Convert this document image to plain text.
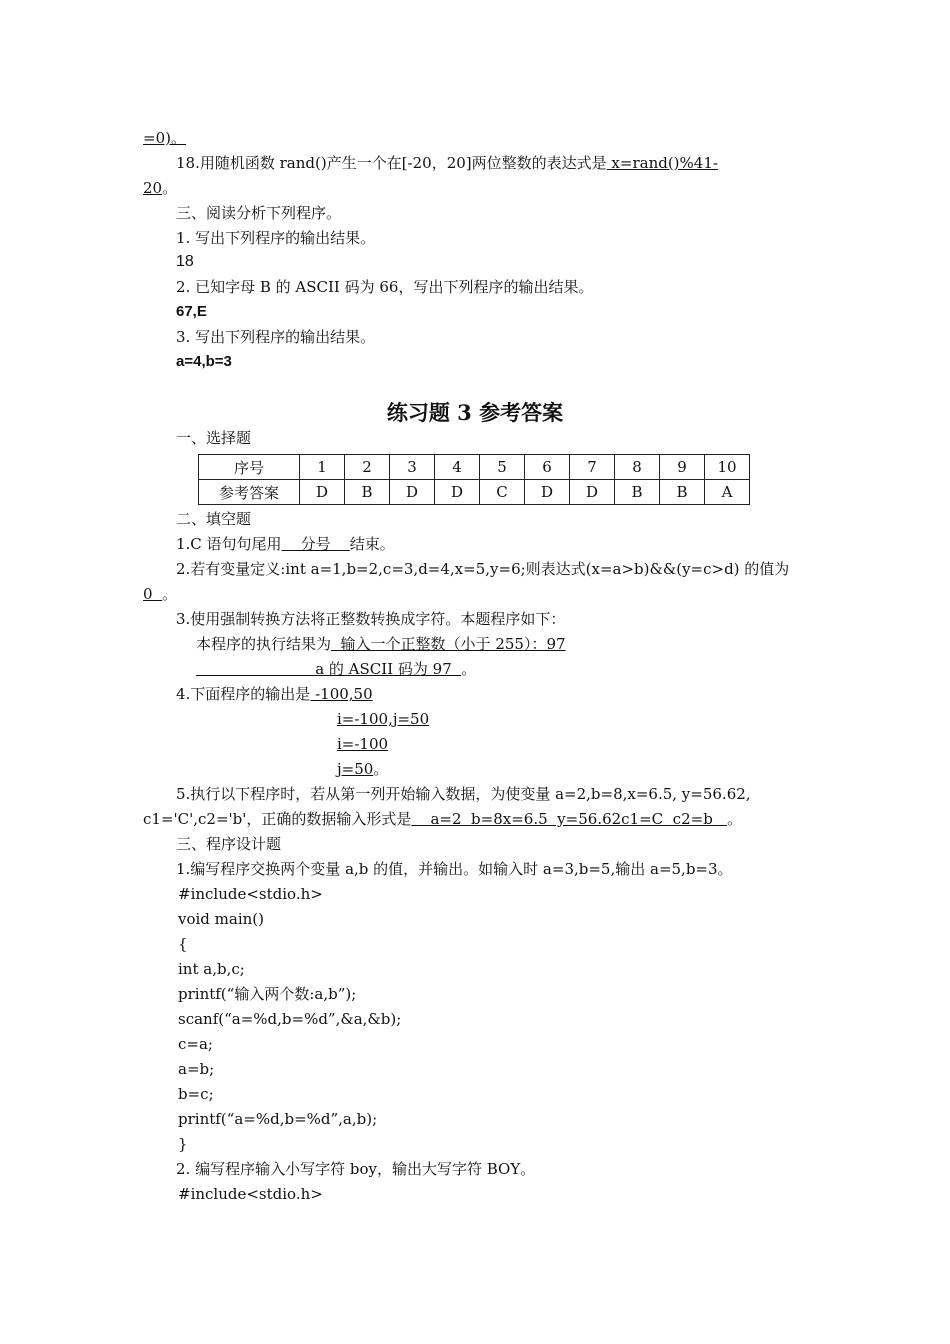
=0)。
18.用随机函数 rand()产生一个在[-20，20]两位整数的表达式是 x=rand()%41-
20。
三、阅读分析下列程序。
1. 写出下列程序的输出结果。
18
2. 已知字母 B 的 ASCII 码为 66，写出下列程序的输出结果。
67,E
3. 写出下列程序的输出结果。
a=4,b=3
练习题 3 参考答案
一、选择题
序号	1	2	3	4	5	6	7	8	9	10
参考答案	D	B	D	D	C	D	D	B	B	A
二、填空题
1.C 语句句尾用    分号    结束。
2.若有变量定义:int a=1,b=2,c=3,d=4,x=5,y=6;则表达式(x=a>b)&&(y=c>d) 的值为
0  。
3.使用强制转换方法将正整数转换成字符。本题程序如下：
本程序的执行结果为  输入一个正整数（小于 255）：97
a 的 ASCII 码为 97  。
4.下面程序的输出是 -100,50
i=-100,j=50
i=-100
j=50。
5.执行以下程序时，若从第一列开始输入数据，为使变量 a=2,b=8,x=6.5, y=56.62,
c1='C',c2='b'，正确的数据输入形式是    a=2  b=8x=6.5  y=56.62c1=C  c2=b   。
三、程序设计题
1.编写程序交换两个变量 a,b 的值，并输出。如输入时 a=3,b=5,输出 a=5,b=3。
#include<stdio.h>
void main()
{
int a,b,c;
printf(“输入两个数:a,b”);
scanf(“a=%d,b=%d”,&a,&b);
c=a;
a=b;
b=c;
printf(“a=%d,b=%d”,a,b);
}
2. 编写程序输入小写字符 boy，输出大写字符 BOY。
#include<stdio.h>
